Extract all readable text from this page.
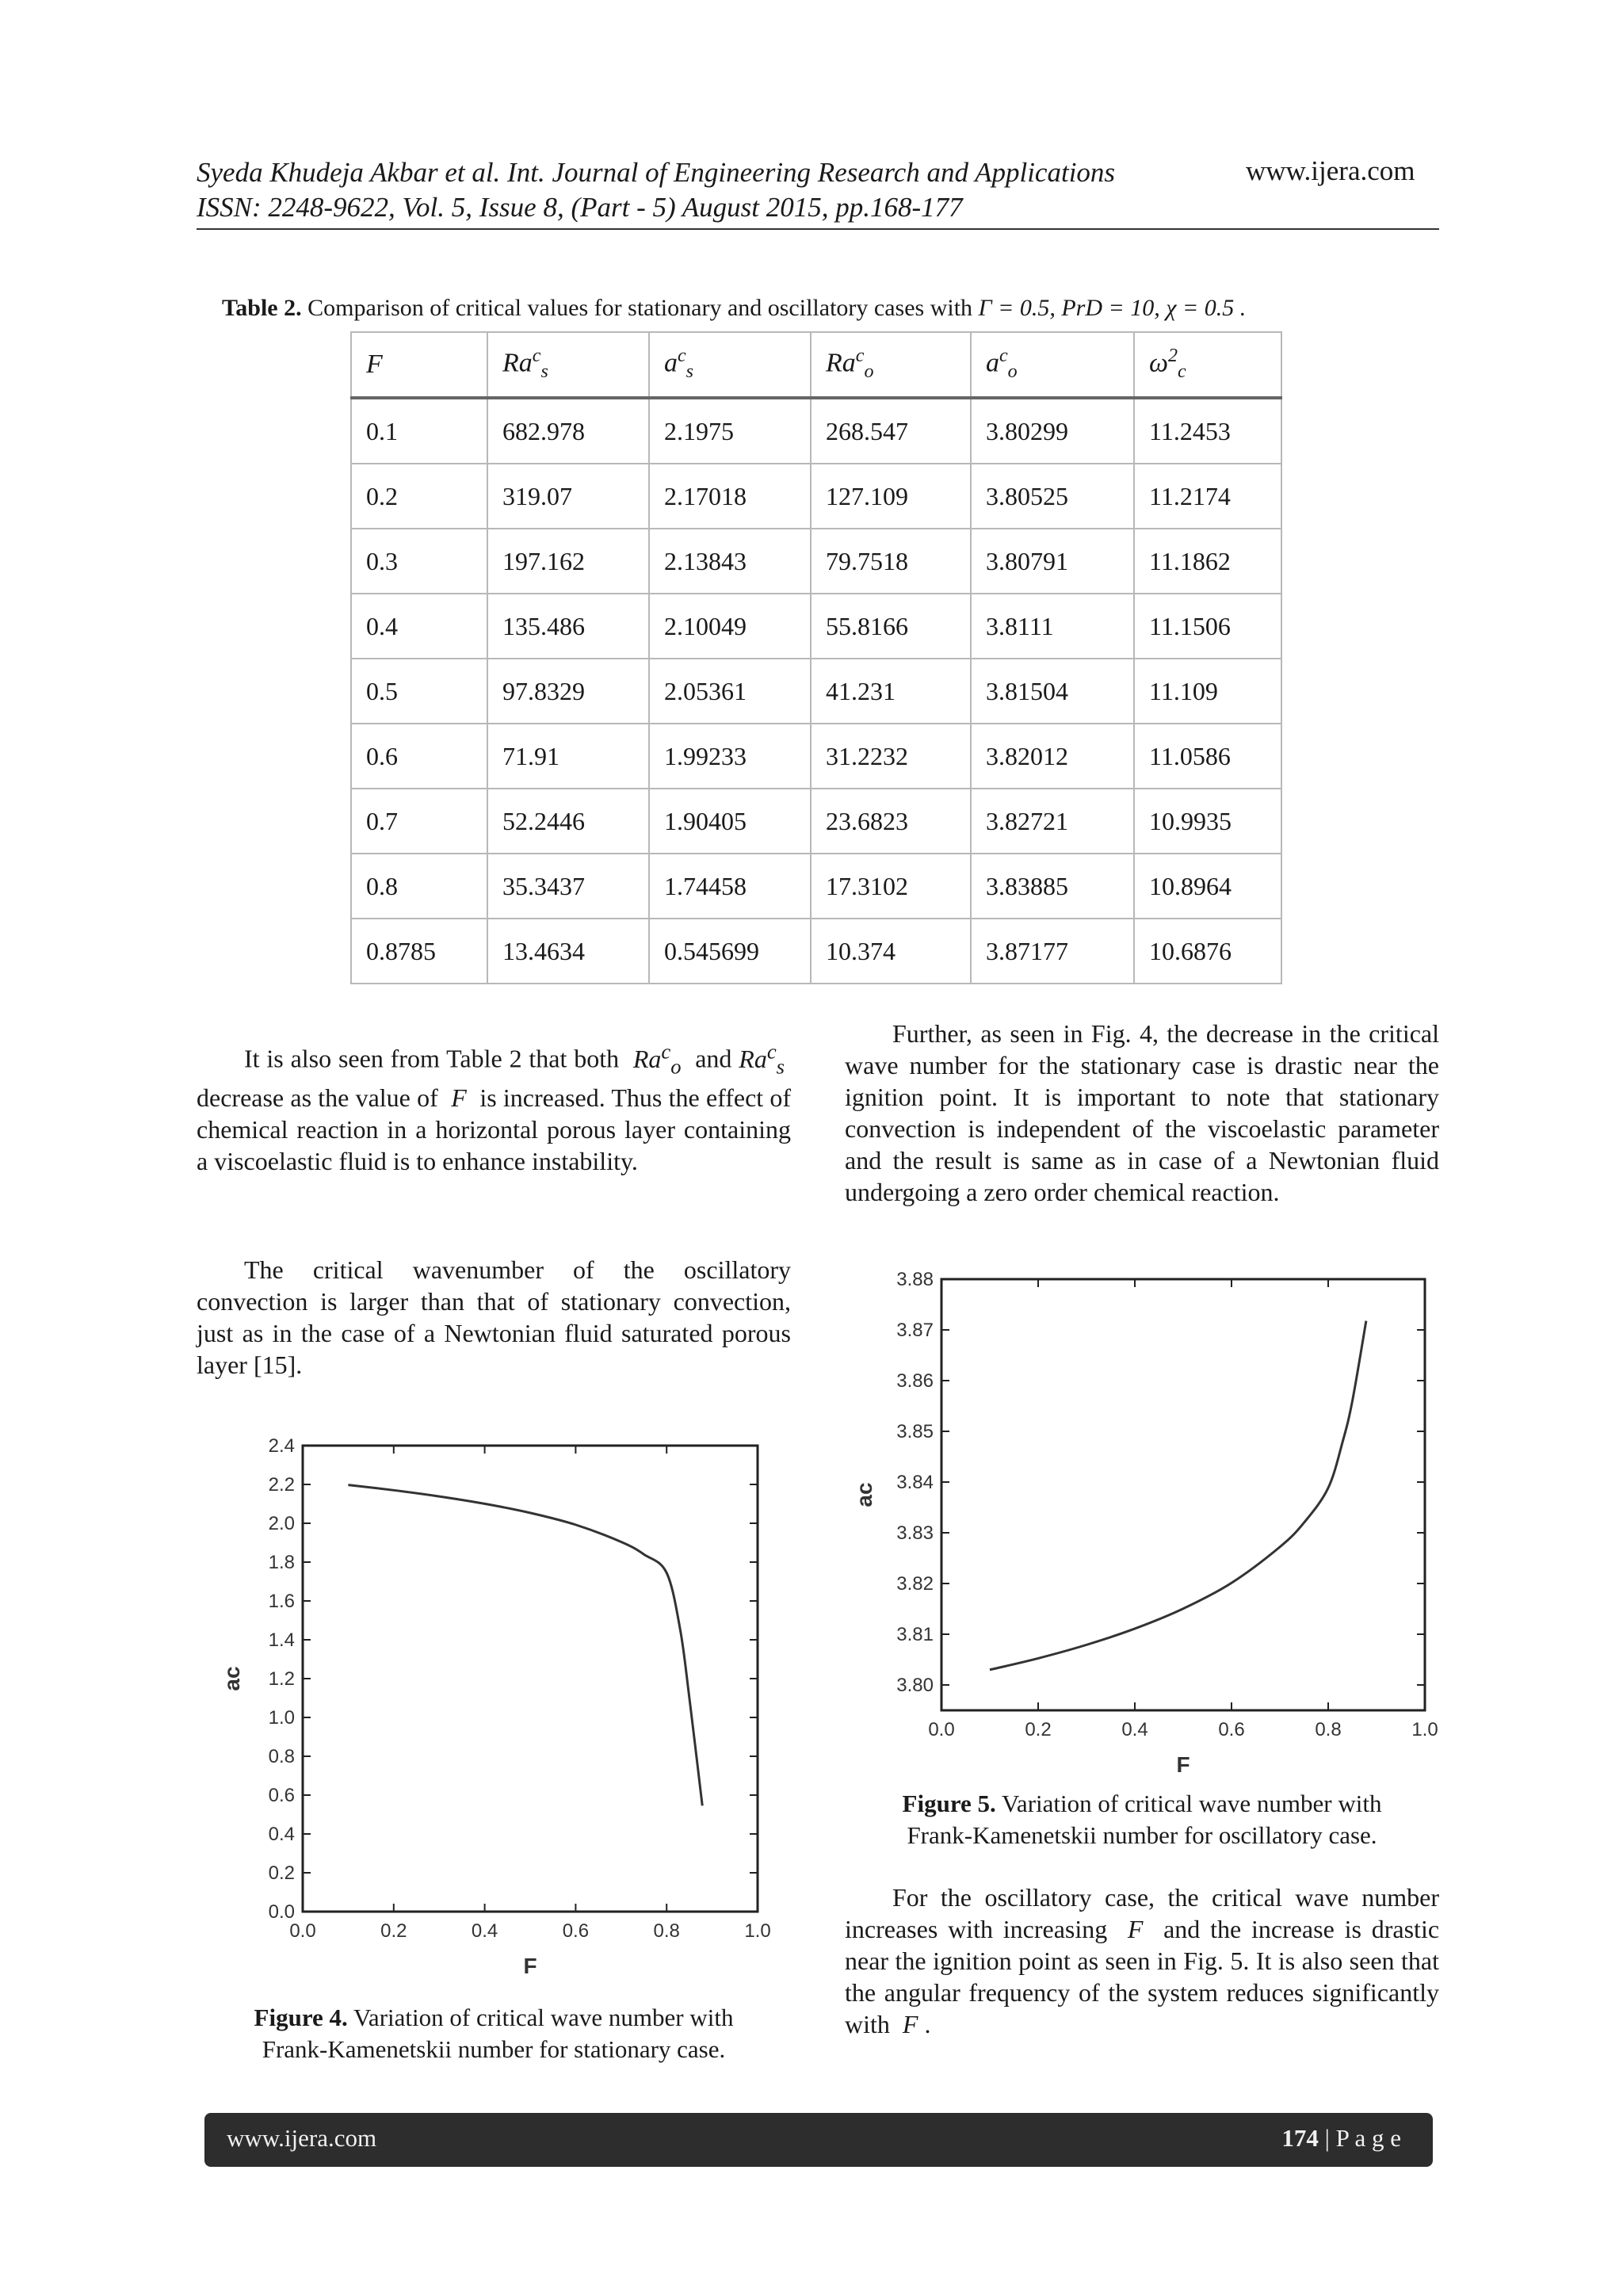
Syeda Khudeja Akbar et al. Int. Journal of Engineering Research and Applications	www.ijera.com
ISSN: 2248-9622, Vol. 5, Issue 8, (Part - 5) August 2015, pp.168-177
Table 2. Comparison of critical values for stationary and oscillatory cases with Γ = 0.5, PrD = 10, χ = 0.5 .
F	$Ra^c_s$	$a^c_s$	$Ra^c_o$	$a^c_o$	$\omega^2_c$
0.1	682.978	2.1975	268.547	3.80299	11.2453
0.2	319.07	2.17018	127.109	3.80525	11.2174
0.3	197.162	2.13843	79.7518	3.80791	11.1862
0.4	135.486	2.10049	55.8166	3.8111	11.1506
0.5	97.8329	2.05361	41.231	3.81504	11.109
0.6	71.91	1.99233	31.2232	3.82012	11.0586
0.7	52.2446	1.90405	23.6823	3.82721	10.9935
0.8	35.3437	1.74458	17.3102	3.83885	10.8964
0.8785	13.4634	0.545699	10.374	3.87177	10.6876
It is also seen from Table 2 that both $Ra^c_o$ and $Ra^c_s$  decrease as the value of F is increased. Thus the effect of chemical reaction in a horizontal porous layer containing a viscoelastic fluid is to enhance instability.
The critical wavenumber of the oscillatory convection is larger than that of stationary convection, just as in the case of a Newtonian fluid saturated porous layer [15].
Further, as seen in Fig. 4, the decrease in the critical wave number for the stationary case is drastic near the ignition point. It is important to note that stationary convection is independent of the viscoelastic parameter and the result is same as in case of a Newtonian fluid undergoing a zero order chemical reaction.
For the oscillatory case, the critical wave number increases with increasing F and the increase is drastic near the ignition point as seen in Fig. 5. It is also seen that the angular frequency of the system reduces significantly with F .
0.0	0.2	0.4	0.6	0.8	1.0
0.0
0.2
0.4
0.6
0.8
1.0
1.2
1.4
1.6
1.8
2.0
2.2
2.4
F
ac
Figure 4. Variation of critical wave number with
Frank-Kamenetskii number for stationary case.
0.0	0.2	0.4	0.6	0.8	1.0
3.80
3.81
3.82
3.83
3.84
3.85
3.86
3.87
3.88
F
ac
Figure 5. Variation of critical wave number with
Frank-Kamenetskii number for oscillatory case.
www.ijera.com	174 | P a g e
